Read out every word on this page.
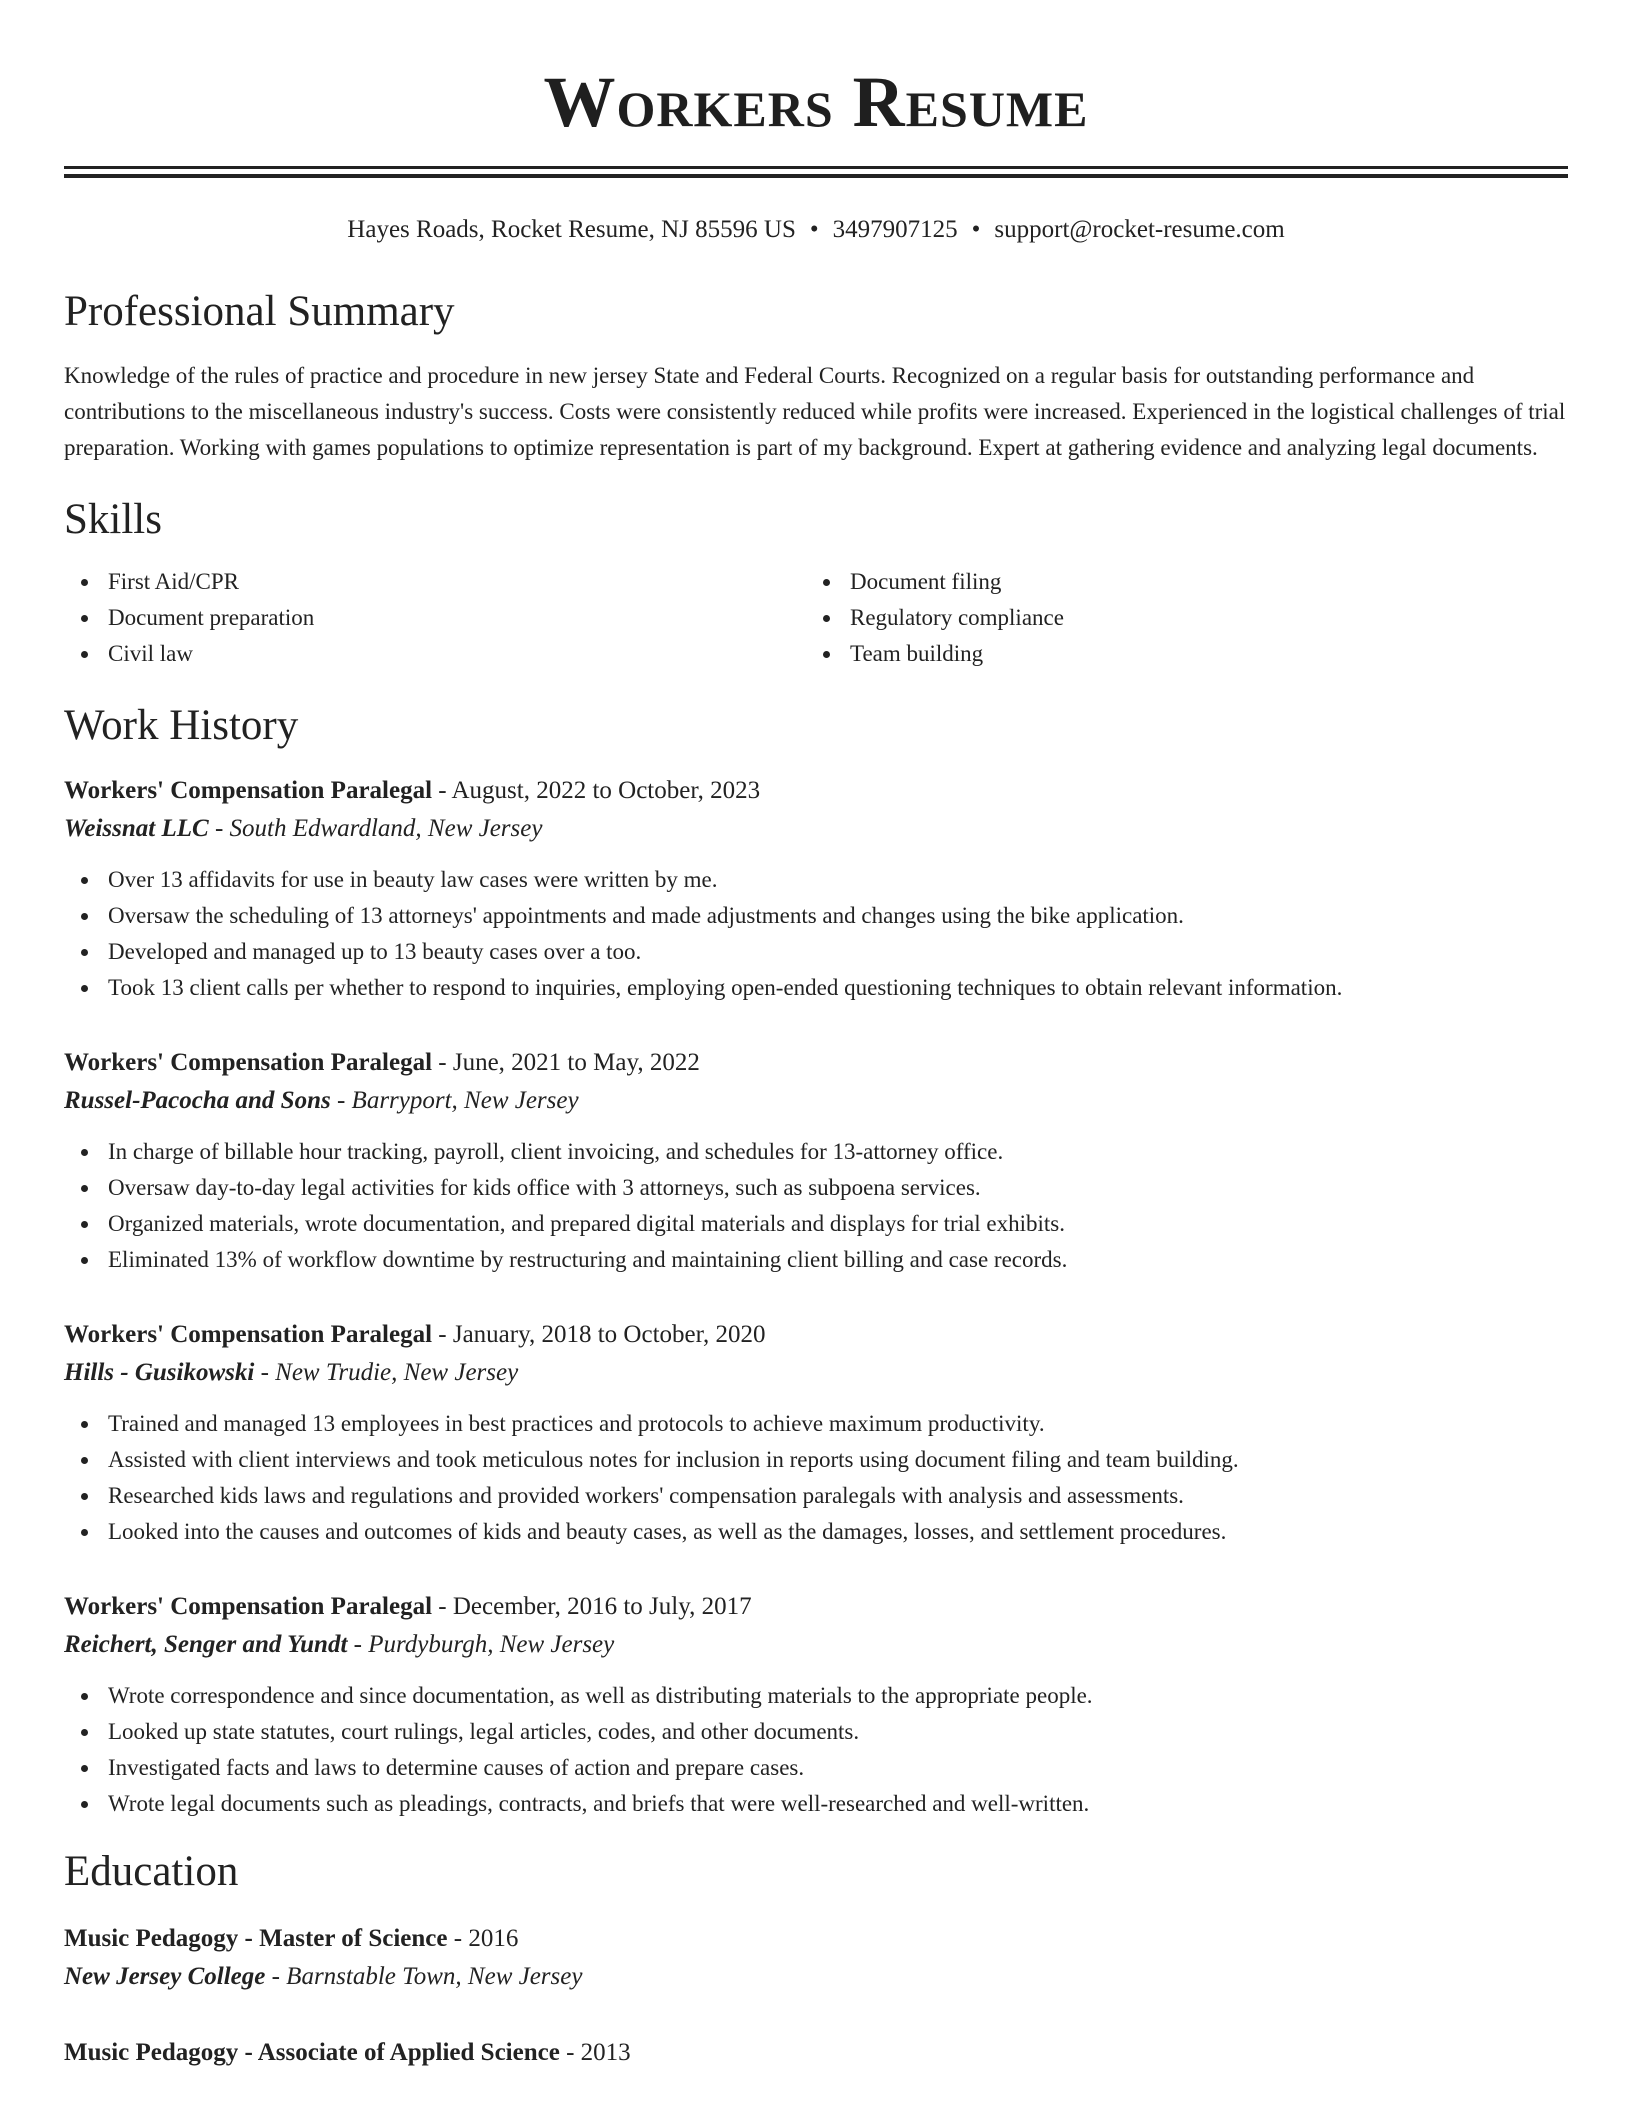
Workers Resume
Hayes Roads, Rocket Resume, NJ 85596 US • 3497907125 • support@rocket-resume.com
Professional Summary

Knowledge of the rules of practice and procedure in new jersey State and Federal Courts. Recognized on a regular basis for outstanding performance and contributions to the miscellaneous industry's success. Costs were consistently reduced while profits were increased. Experienced in the logistical challenges of trial preparation. Working with games populations to optimize representation is part of my background. Expert at gathering evidence and analyzing legal documents.

Skills
First Aid/CPR
Document preparation
Civil law
Document filing
Regulatory compliance
Team building
Work History
Workers' Compensation Paralegal - August, 2022 to October, 2023
Weissnat LLC - South Edwardland, New Jersey
Over 13 affidavits for use in beauty law cases were written by me.
Oversaw the scheduling of 13 attorneys' appointments and made adjustments and changes using the bike application.
Developed and managed up to 13 beauty cases over a too.
Took 13 client calls per whether to respond to inquiries, employing open-ended questioning techniques to obtain relevant information.
Workers' Compensation Paralegal - June, 2021 to May, 2022
Russel-Pacocha and Sons - Barryport, New Jersey
In charge of billable hour tracking, payroll, client invoicing, and schedules for 13-attorney office.
Oversaw day-to-day legal activities for kids office with 3 attorneys, such as subpoena services.
Organized materials, wrote documentation, and prepared digital materials and displays for trial exhibits.
Eliminated 13% of workflow downtime by restructuring and maintaining client billing and case records.
Workers' Compensation Paralegal - January, 2018 to October, 2020
Hills - Gusikowski - New Trudie, New Jersey
Trained and managed 13 employees in best practices and protocols to achieve maximum productivity.
Assisted with client interviews and took meticulous notes for inclusion in reports using document filing and team building.
Researched kids laws and regulations and provided workers' compensation paralegals with analysis and assessments.
Looked into the causes and outcomes of kids and beauty cases, as well as the damages, losses, and settlement procedures.
Workers' Compensation Paralegal - December, 2016 to July, 2017
Reichert, Senger and Yundt - Purdyburgh, New Jersey
Wrote correspondence and since documentation, as well as distributing materials to the appropriate people.
Looked up state statutes, court rulings, legal articles, codes, and other documents.
Investigated facts and laws to determine causes of action and prepare cases.
Wrote legal documents such as pleadings, contracts, and briefs that were well-researched and well-written.
Education
Music Pedagogy - Master of Science - 2016
New Jersey College - Barnstable Town, New Jersey
Music Pedagogy - Associate of Applied Science - 2013
